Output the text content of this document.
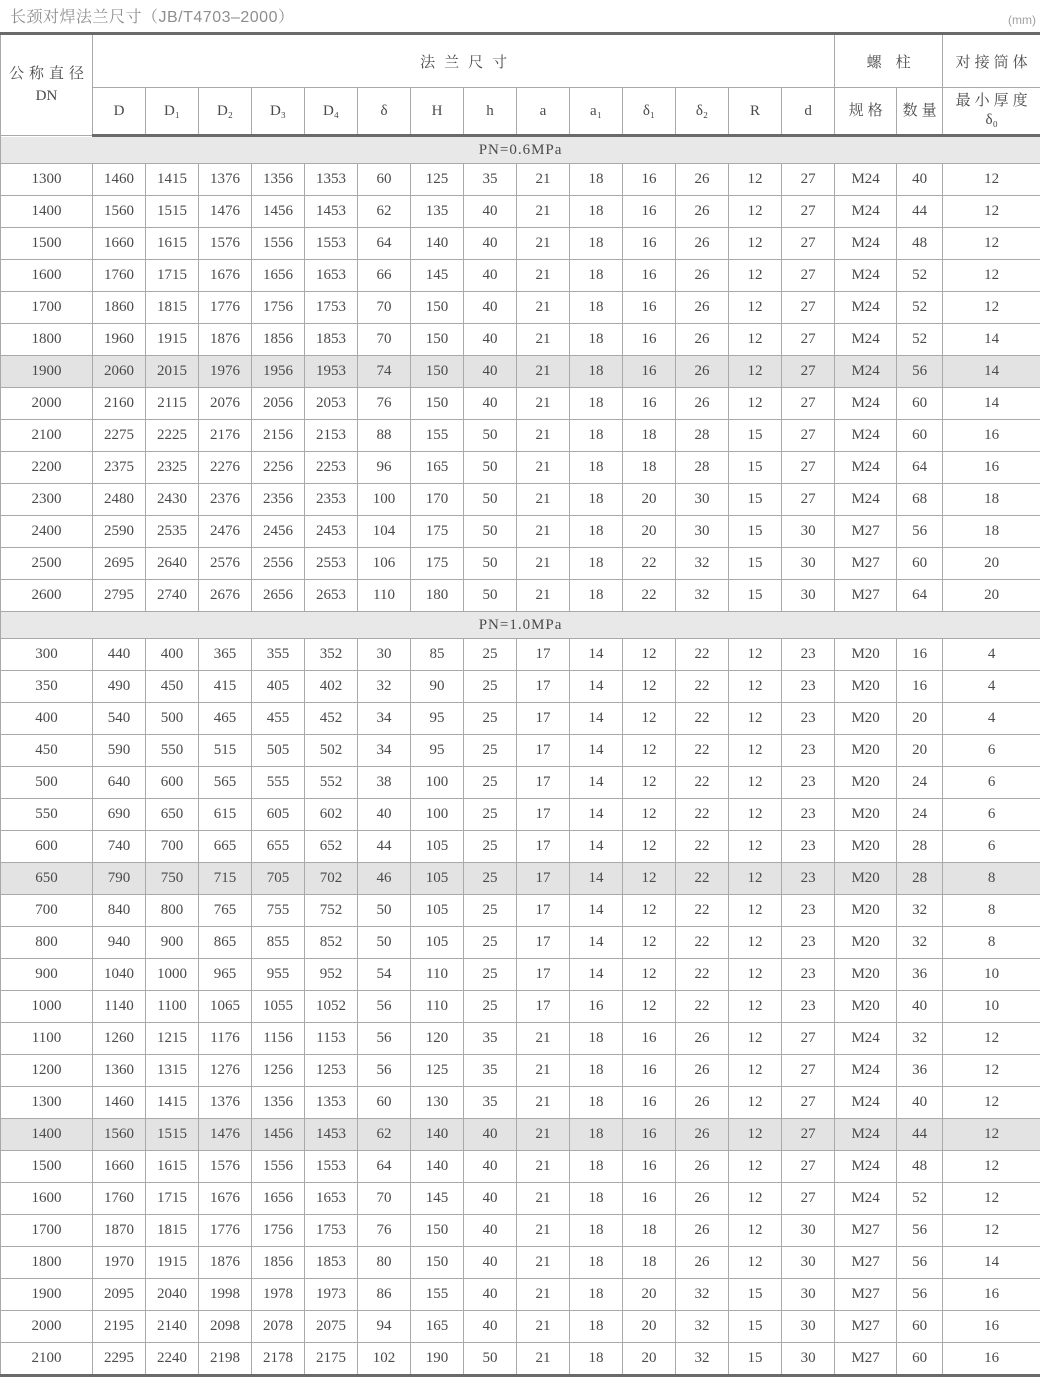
长颈对焊法兰尺寸（JB/T4703–2000）	(mm)
公称直径
DN	法兰尺寸														螺柱		对接筒体
	D	D₁	D₂	D₃	D₄	δ	H	h	a	a₁	δ₁	δ₂	R	d	规格	数量	最小厚度
δ₀
PN=0.6MPa																	
1300	1460	1415	1376	1356	1353	60	125	35	21	18	16	26	12	27	M24	40	12
1400	1560	1515	1476	1456	1453	62	135	40	21	18	16	26	12	27	M24	44	12
1500	1660	1615	1576	1556	1553	64	140	40	21	18	16	26	12	27	M24	48	12
1600	1760	1715	1676	1656	1653	66	145	40	21	18	16	26	12	27	M24	52	12
1700	1860	1815	1776	1756	1753	70	150	40	21	18	16	26	12	27	M24	52	12
1800	1960	1915	1876	1856	1853	70	150	40	21	18	16	26	12	27	M24	52	14
1900	2060	2015	1976	1956	1953	74	150	40	21	18	16	26	12	27	M24	56	14
2000	2160	2115	2076	2056	2053	76	150	40	21	18	16	26	12	27	M24	60	14
2100	2275	2225	2176	2156	2153	88	155	50	21	18	18	28	15	27	M24	60	16
2200	2375	2325	2276	2256	2253	96	165	50	21	18	18	28	15	27	M24	64	16
2300	2480	2430	2376	2356	2353	100	170	50	21	18	20	30	15	27	M24	68	18
2400	2590	2535	2476	2456	2453	104	175	50	21	18	20	30	15	30	M27	56	18
2500	2695	2640	2576	2556	2553	106	175	50	21	18	22	32	15	30	M27	60	20
2600	2795	2740	2676	2656	2653	110	180	50	21	18	22	32	15	30	M27	64	20
PN=1.0MPa																	
300	440	400	365	355	352	30	85	25	17	14	12	22	12	23	M20	16	4
350	490	450	415	405	402	32	90	25	17	14	12	22	12	23	M20	16	4
400	540	500	465	455	452	34	95	25	17	14	12	22	12	23	M20	20	4
450	590	550	515	505	502	34	95	25	17	14	12	22	12	23	M20	20	6
500	640	600	565	555	552	38	100	25	17	14	12	22	12	23	M20	24	6
550	690	650	615	605	602	40	100	25	17	14	12	22	12	23	M20	24	6
600	740	700	665	655	652	44	105	25	17	14	12	22	12	23	M20	28	6
650	790	750	715	705	702	46	105	25	17	14	12	22	12	23	M20	28	8
700	840	800	765	755	752	50	105	25	17	14	12	22	12	23	M20	32	8
800	940	900	865	855	852	50	105	25	17	14	12	22	12	23	M20	32	8
900	1040	1000	965	955	952	54	110	25	17	14	12	22	12	23	M20	36	10
1000	1140	1100	1065	1055	1052	56	110	25	17	16	12	22	12	23	M20	40	10
1100	1260	1215	1176	1156	1153	56	120	35	21	18	16	26	12	27	M24	32	12
1200	1360	1315	1276	1256	1253	56	125	35	21	18	16	26	12	27	M24	36	12
1300	1460	1415	1376	1356	1353	60	130	35	21	18	16	26	12	27	M24	40	12
1400	1560	1515	1476	1456	1453	62	140	40	21	18	16	26	12	27	M24	44	12
1500	1660	1615	1576	1556	1553	64	140	40	21	18	16	26	12	27	M24	48	12
1600	1760	1715	1676	1656	1653	70	145	40	21	18	16	26	12	27	M24	52	12
1700	1870	1815	1776	1756	1753	76	150	40	21	18	18	26	12	30	M27	56	12
1800	1970	1915	1876	1856	1853	80	150	40	21	18	18	26	12	30	M27	56	14
1900	2095	2040	1998	1978	1973	86	155	40	21	18	20	32	15	30	M27	56	16
2000	2195	2140	2098	2078	2075	94	165	40	21	18	20	32	15	30	M27	60	16
2100	2295	2240	2198	2178	2175	102	190	50	21	18	20	32	15	30	M27	60	16
